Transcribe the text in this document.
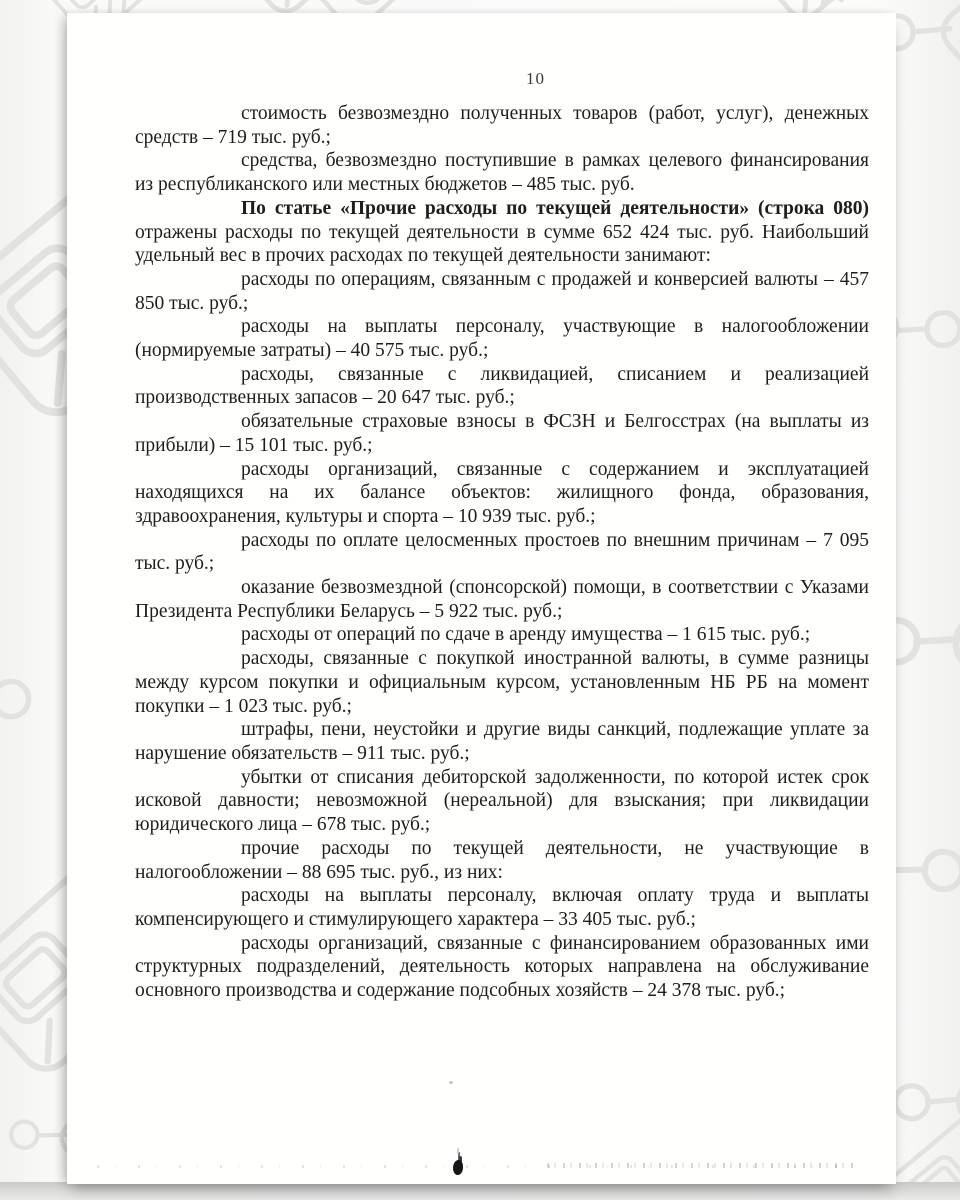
10

стоимость безвозмездно полученных товаров (работ, услуг), денежных средств – 719 тыс. руб.;

средства, безвозмездно поступившие в рамках целевого финансирования из республиканского или местных бюджетов – 485 тыс. руб.

По статье «Прочие расходы по текущей деятельности» (строка 080) отражены расходы по текущей деятельности в сумме 652 424 тыс. руб. Наибольший удельный вес в прочих расходах по текущей деятельности занимают:

расходы по операциям, связанным с продажей и конверсией валюты – 457 850 тыс. руб.;

расходы на выплаты персоналу, участвующие в налогообложении (нормируемые затраты) – 40 575 тыс. руб.;

расходы, связанные с ликвидацией, списанием и реализацией производственных запасов – 20 647 тыс. руб.;

обязательные страховые взносы в ФСЗН и Белгосстрах (на выплаты из прибыли) – 15 101 тыс. руб.;

расходы организаций, связанные с содержанием и эксплуатацией находящихся на их балансе объектов: жилищного фонда, образования, здравоохранения, культуры и спорта – 10 939 тыс. руб.;

расходы по оплате целосменных простоев по внешним причинам – 7 095 тыс. руб.;

оказание безвозмездной (спонсорской) помощи, в соответствии с Указами Президента Республики Беларусь – 5 922 тыс. руб.;

расходы от операций по сдаче в аренду имущества – 1 615 тыс. руб.;

расходы, связанные с покупкой иностранной валюты, в сумме разницы между курсом покупки и официальным курсом, установленным НБ РБ на момент покупки – 1 023 тыс. руб.;

штрафы, пени, неустойки и другие виды санкций, подлежащие уплате за нарушение обязательств – 911 тыс. руб.;

убытки от списания дебиторской задолженности, по которой истек срок исковой давности; невозможной (нереальной) для взыскания; при ликвидации юридического лица – 678 тыс. руб.;

прочие расходы по текущей деятельности, не участвующие в налогообложении – 88 695 тыс. руб., из них:

расходы на выплаты персоналу, включая оплату труда и выплаты компенсирующего и стимулирующего характера – 33 405 тыс. руб.;

расходы организаций, связанные с финансированием образованных ими структурных подразделений, деятельность которых направлена на обслуживание основного производства и содержание подсобных хозяйств – 24 378 тыс. руб.;
